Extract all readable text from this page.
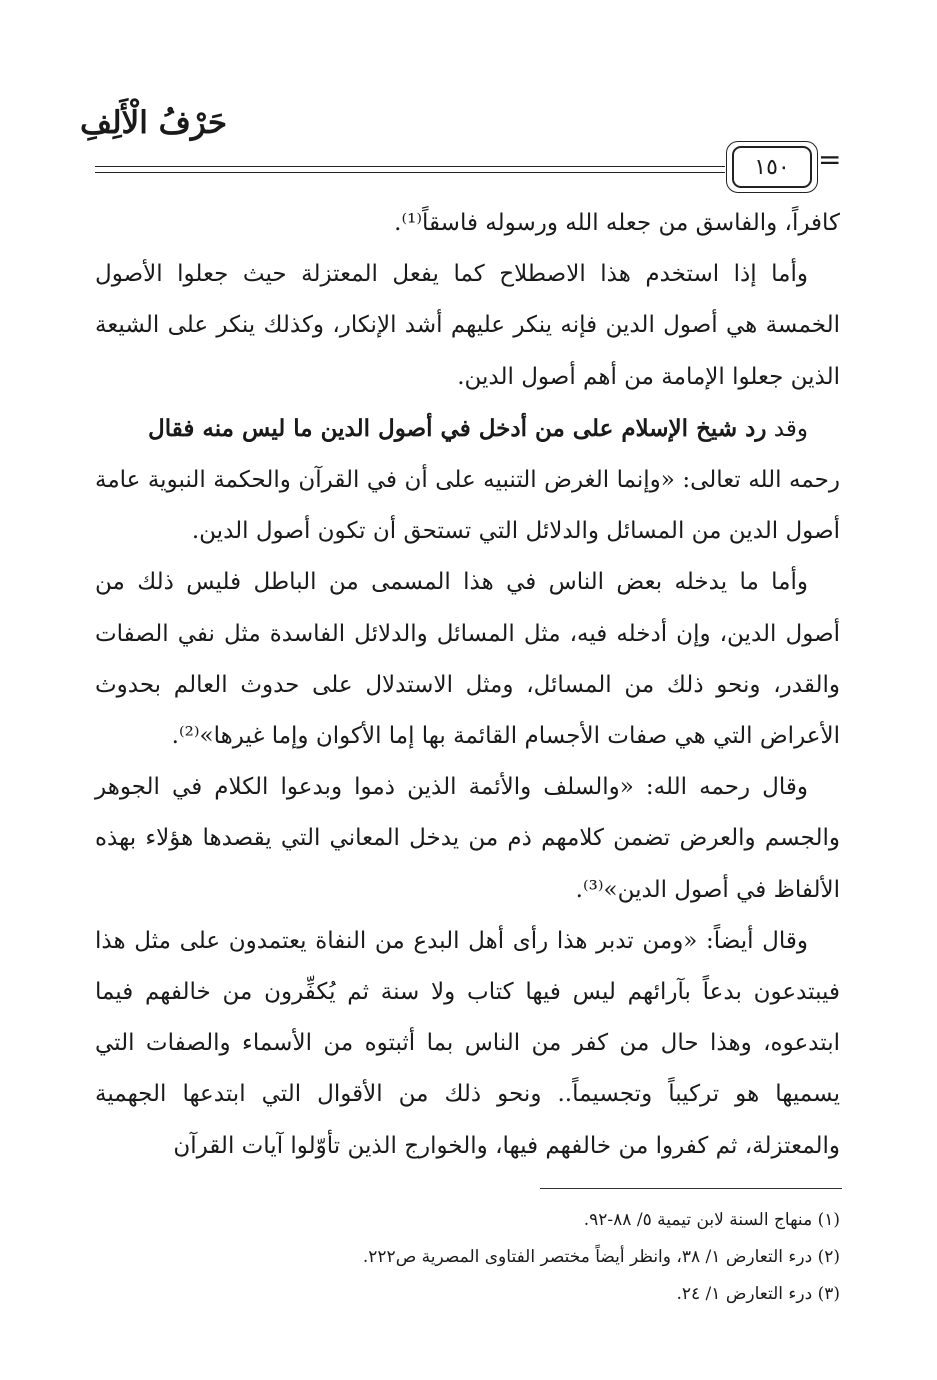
حَرْفُ الْأَلِفِ
١٥٠ =

كافراً، والفاسق من جعله الله ورسوله فاسقاً⁽¹⁾.

وأما إذا استخدم هذا الاصطلاح كما يفعل المعتزلة حيث جعلوا الأصول الخمسة هي أصول الدين فإنه ينكر عليهم أشد الإنكار، وكذلك ينكر على الشيعة الذين جعلوا الإمامة من أهم أصول الدين.

وقد رد شيخ الإسلام على من أدخل في أصول الدين ما ليس منه فقال

رحمه الله تعالى: «وإنما الغرض التنبيه على أن في القرآن والحكمة النبوية عامة أصول الدين من المسائل والدلائل التي تستحق أن تكون أصول الدين.

وأما ما يدخله بعض الناس في هذا المسمى من الباطل فليس ذلك من أصول الدين، وإن أدخله فيه، مثل المسائل والدلائل الفاسدة مثل نفي الصفات والقدر، ونحو ذلك من المسائل، ومثل الاستدلال على حدوث العالم بحدوث الأعراض التي هي صفات الأجسام القائمة بها إما الأكوان وإما غيرها»⁽²⁾.

وقال رحمه الله: «والسلف والأئمة الذين ذموا وبدعوا الكلام في الجوهر والجسم والعرض تضمن كلامهم ذم من يدخل المعاني التي يقصدها هؤلاء بهذه الألفاظ في أصول الدين»⁽³⁾.

وقال أيضاً: «ومن تدبر هذا رأى أهل البدع من النفاة يعتمدون على مثل هذا فيبتدعون بدعاً بآرائهم ليس فيها كتاب ولا سنة ثم يُكفِّرون من خالفهم فيما ابتدعوه، وهذا حال من كفر من الناس بما أثبتوه من الأسماء والصفات التي يسميها هو تركيباً وتجسيماً.. ونحو ذلك من الأقوال التي ابتدعها الجهمية والمعتزلة، ثم كفروا من خالفهم فيها، والخوارج الذين تأوّلوا آيات القرآن

(١) منهاج السنة لابن تيمية ٥/ ٨٨-٩٢.
(٢) درء التعارض ١/ ٣٨، وانظر أيضاً مختصر الفتاوى المصرية ص٢٢٢.
(٣) درء التعارض ١/ ٢٤.
